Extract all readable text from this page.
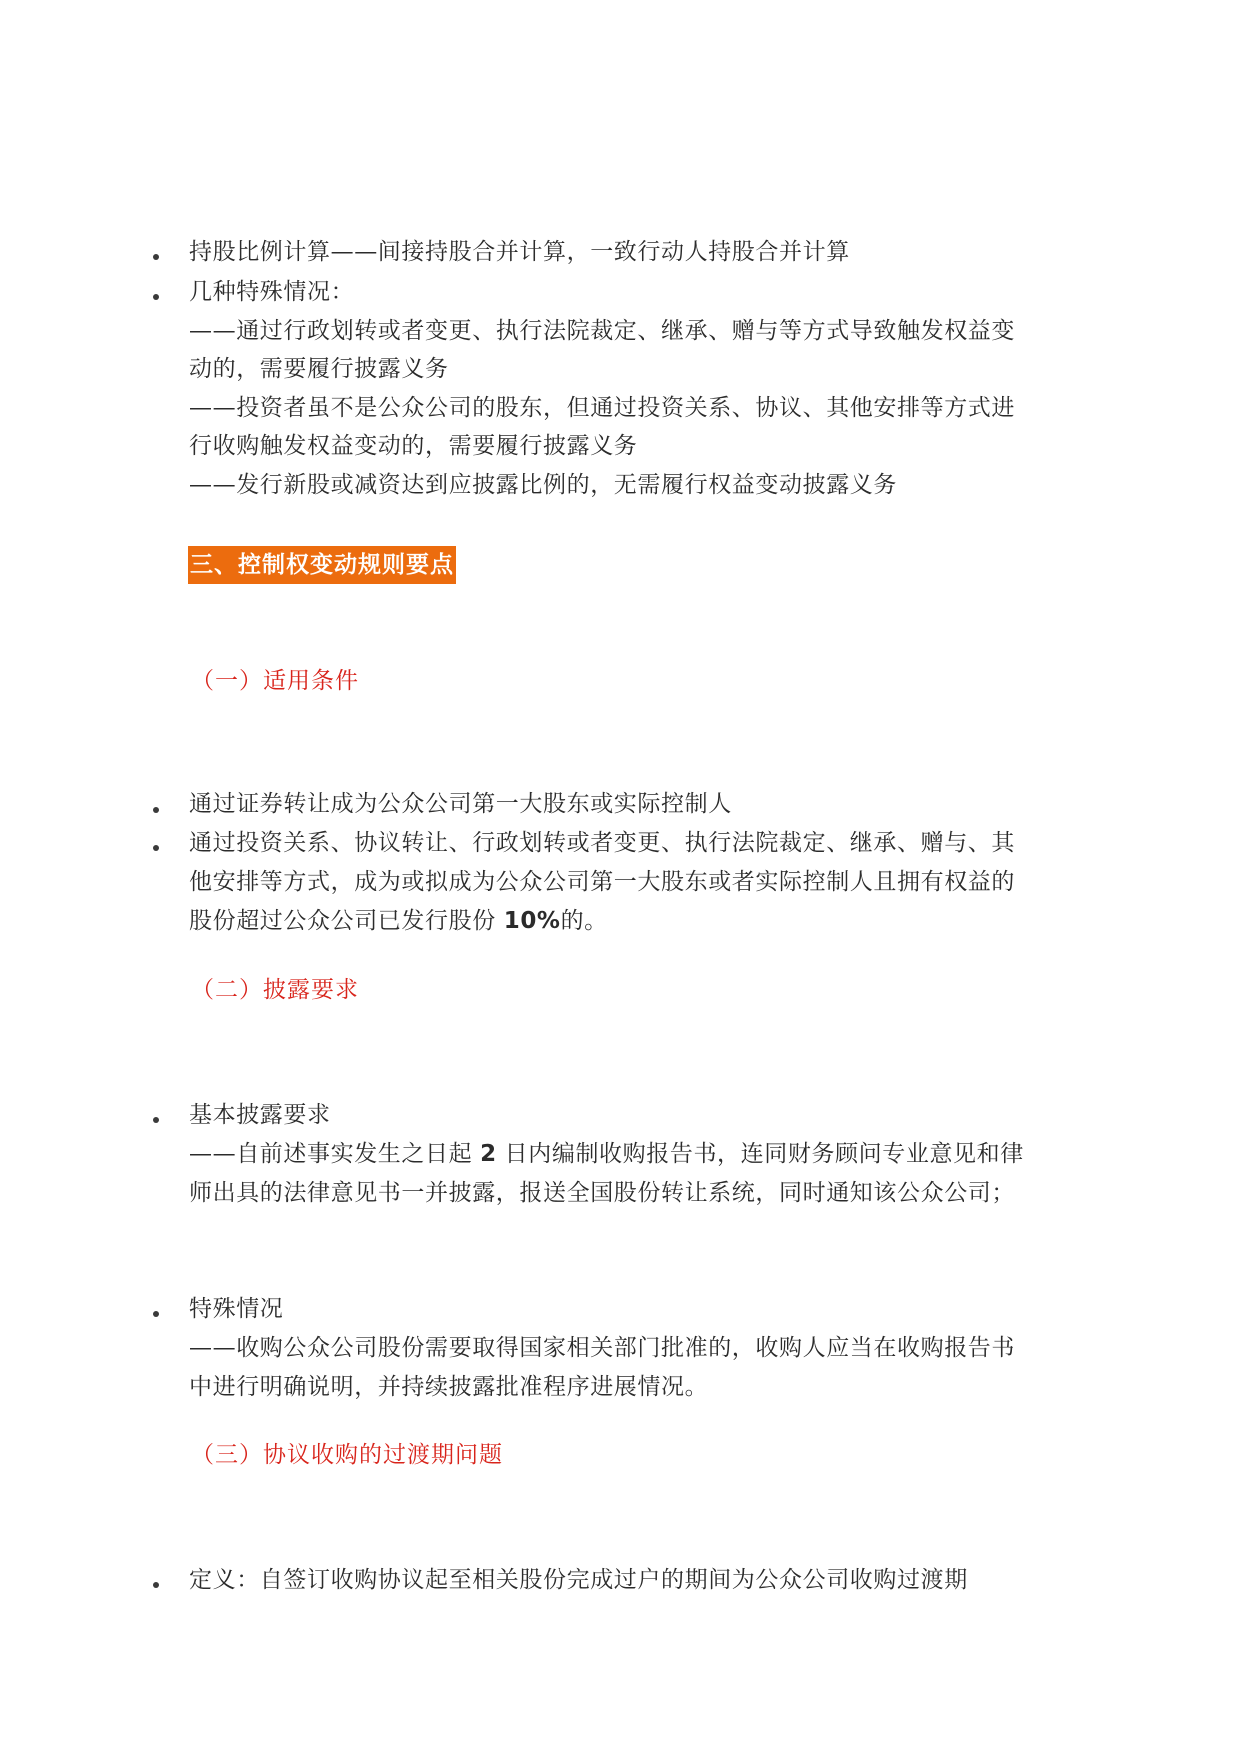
持股比例计算——间接持股合并计算，一致行动人持股合并计算
几种特殊情况：
——通过行政划转或者变更、执行法院裁定、继承、赠与等方式导致触发权益变
动的，需要履行披露义务
——投资者虽不是公众公司的股东，但通过投资关系、协议、其他安排等方式进
行收购触发权益变动的，需要履行披露义务
——发行新股或减资达到应披露比例的，无需履行权益变动披露义务
三、控制权变动规则要点
（一）适用条件
通过证券转让成为公众公司第一大股东或实际控制人
通过投资关系、协议转让、行政划转或者变更、执行法院裁定、继承、赠与、其
他安排等方式，成为或拟成为公众公司第一大股东或者实际控制人且拥有权益的
股份超过公众公司已发行股份 10%的。
（二）披露要求
基本披露要求
——自前述事实发生之日起 2 日内编制收购报告书，连同财务顾问专业意见和律
师出具的法律意见书一并披露，报送全国股份转让系统，同时通知该公众公司；
特殊情况
——收购公众公司股份需要取得国家相关部门批准的，收购人应当在收购报告书
中进行明确说明，并持续披露批准程序进展情况。
（三）协议收购的过渡期问题
定义：自签订收购协议起至相关股份完成过户的期间为公众公司收购过渡期
